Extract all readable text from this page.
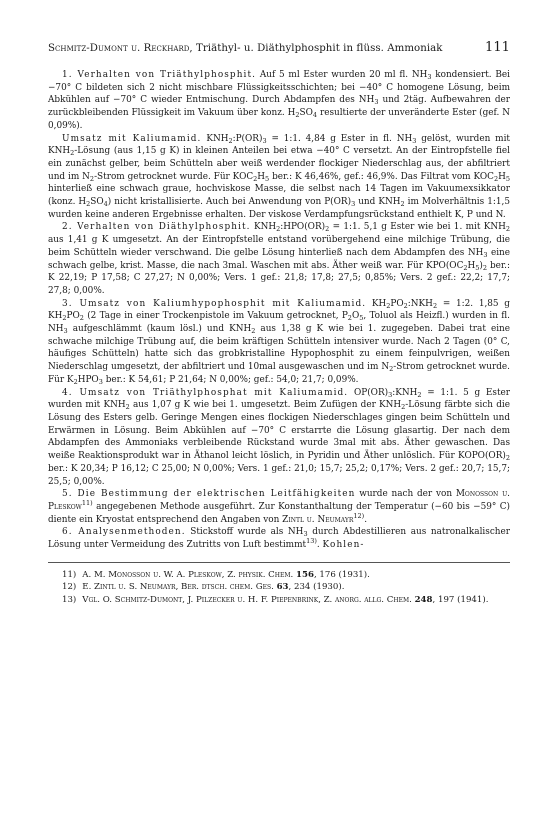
Schmitz-Dumont u. Reckhard, Triäthyl- u. Diäthylphosphit in flüss. Ammoniak	111

1. Verhalten von Triäthylphosphit. Auf 5 ml Ester wurden 20 ml fl. $NH_3$ kondensiert. Bei −70° C bildeten sich 2 nicht mischbare Flüssigkeitsschichten; bei −40° C homogene Lösung, beim Abkühlen auf −70° C wieder Entmischung. Durch Abdampfen des $NH_3$ und 2täg. Aufbewahren der zurückbleibenden Flüssigkeit im Vakuum über konz. $H_2SO_4$ resultierte der unveränderte Ester (gef. N 0,09%).

Umsatz mit Kaliumamid. $KNH_2:P(OR)_3$ = 1:1. 4,84 g Ester in fl. $NH_3$ gelöst, wurden mit $KNH_2$-Lösung (aus 1,15 g K) in kleinen Anteilen bei etwa −40° C versetzt. An der Eintropfstelle fiel ein zunächst gelber, beim Schütteln aber weiß werdender flockiger Niederschlag aus, der abfiltriert und im $N_2$-Strom getrocknet wurde. Für $KOC_2H_5$ ber.: K 46,46%, gef.: 46,9%. Das Filtrat vom $KOC_2H_5$ hinterließ eine schwach graue, hochviskose Masse, die selbst nach 14 Tagen im Vakuumexsikkator (konz. $H_2SO_4$) nicht kristallisierte. Auch bei Anwendung von $P(OR)_3$ und $KNH_2$ im Molverhältnis 1:1,5 wurden keine anderen Ergebnisse erhalten. Der viskose Verdampfungsrückstand enthielt K, P und N.

2. Verhalten von Diäthylphosphit. $KNH_2:HPO(OR)_2$ = 1:1. 5,1 g Ester wie bei 1. mit $KNH_2$ aus 1,41 g K umgesetzt. An der Eintropfstelle entstand vorübergehend eine milchige Trübung, die beim Schütteln wieder verschwand. Die gelbe Lösung hinterließ nach dem Abdampfen des $NH_3$ eine schwach gelbe, krist. Masse, die nach 3mal. Waschen mit abs. Äther weiß war. Für $KPO(OC_2H_5)_2$ ber.: K 22,19; P 17,58; C 27,27; N 0,00%; Vers. 1 gef.: 21,8; 17,8; 27,5; 0,85%; Vers. 2 gef.: 22,2; 17,7; 27,8; 0,00%.

3. Umsatz von Kaliumhypophosphit mit Kaliumamid. $KH_2PO_2:NKH_2$ = 1:2. 1,85 g $KH_2PO_2$ (2 Tage in einer Trockenpistole im Vakuum getrocknet, $P_2O_5$, Toluol als Heizfl.) wurden in fl. $NH_3$ aufgeschlämmt (kaum lösl.) und $KNH_2$ aus 1,38 g K wie bei 1. zugegeben. Dabei trat eine schwache milchige Trübung auf, die beim kräftigen Schütteln intensiver wurde. Nach 2 Tagen (0° C, häufiges Schütteln) hatte sich das grobkristalline Hypophosphit zu einem feinpulvrigen, weißen Niederschlag umgesetzt, der abfiltriert und 10mal ausgewaschen und im $N_2$-Strom getrocknet wurde. Für $K_2HPO_3$ ber.: K 54,61; P 21,64; N 0,00%; gef.: 54,0; 21,7; 0,09%.

4. Umsatz von Triäthylphosphat mit Kaliumamid. $OP(OR)_3:KNH_2$ = 1:1. 5 g Ester wurden mit $KNH_2$ aus 1,07 g K wie bei 1. umgesetzt. Beim Zufügen der $KNH_2$-Lösung färbte sich die Lösung des Esters gelb. Geringe Mengen eines flockigen Niederschlages gingen beim Schütteln und Erwärmen in Lösung. Beim Abkühlen auf −70° C erstarrte die Lösung glasartig. Der nach dem Abdampfen des Ammoniaks verbleibende Rückstand wurde 3mal mit abs. Äther gewaschen. Das weiße Reaktionsprodukt war in Äthanol leicht löslich, in Pyridin und Äther unlöslich. Für $KOPO(OR)_2$ ber.: K 20,34; P 16,12; C 25,00; N 0,00%; Vers. 1 gef.: 21,0; 15,7; 25,2; 0,17%; Vers. 2 gef.: 20,7; 15,7; 25,5; 0,00%.

5. Die Bestimmung der elektrischen Leitfähigkeiten wurde nach der von Monosson u. Pleskow$^{11)}$ angegebenen Methode ausgeführt. Zur Konstanthaltung der Temperatur (−60 bis −59° C) diente ein Kryostat entsprechend den Angaben von Zintl u. Neumayr$^{12)}$.

6. Analysenmethoden. Stickstoff wurde als $NH_3$ durch Abdestillieren aus natronalkalischer Lösung unter Vermeidung des Zutritts von Luft bestimmt$^{13)}$. Kohlen-

11) A. M. Monosson u. W. A. Pleskow, Z. physik. Chem. 156, 176 (1931).

12) E. Zintl u. S. Neumayr, Ber. dtsch. chem. Ges. 63, 234 (1930).

13) Vgl. O. Schmitz-Dumont, J. Pilzecker u. H. F. Piepenbrink, Z. anorg. allg. Chem. 248, 197 (1941).
